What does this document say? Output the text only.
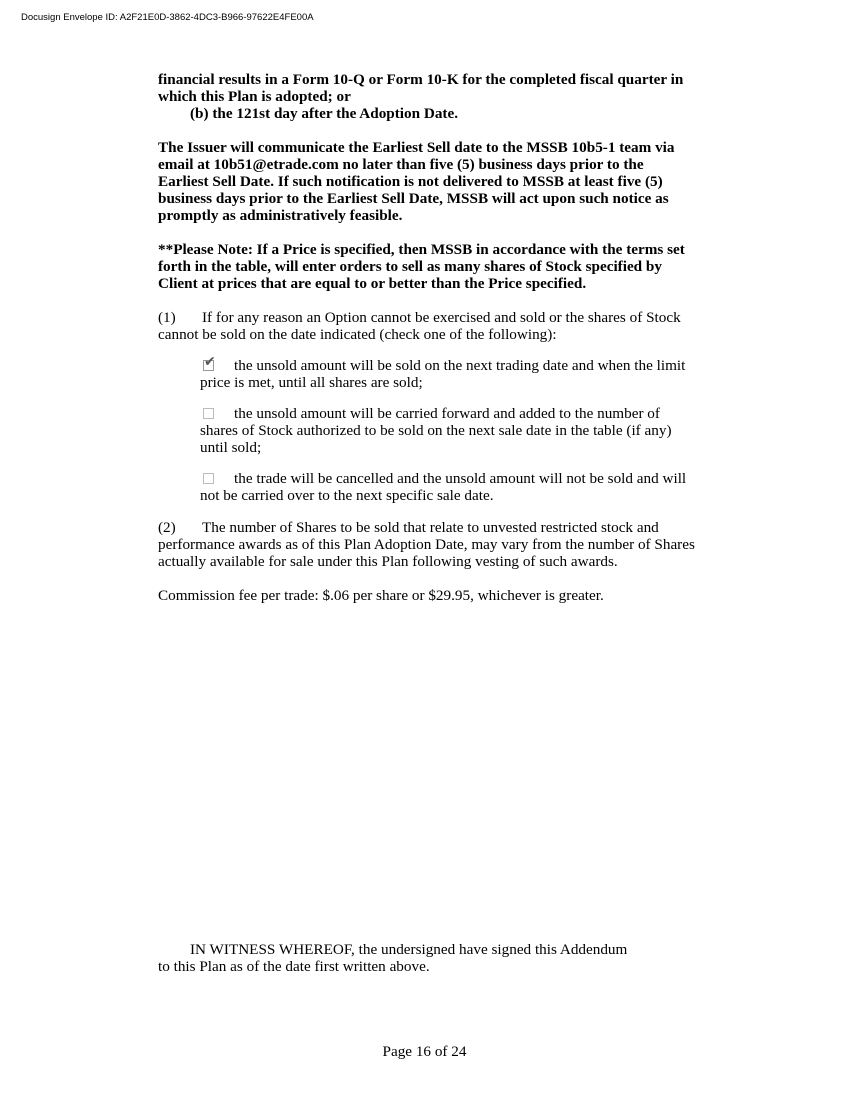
Docusign Envelope ID: A2F21E0D-3862-4DC3-B966-97622E4FE00A

financial results in a Form 10-Q or Form 10-K for the completed fiscal quarter in which this Plan is adopted; or

(b) the 121st day after the Adoption Date.

The Issuer will communicate the Earliest Sell date to the MSSB 10b5-1 team via email at 10b51@etrade.com no later than five (5) business days prior to the Earliest Sell Date. If such notification is not delivered to MSSB at least five (5) business days prior to the Earliest Sell Date, MSSB will act upon such notice as promptly as administratively feasible.

**Please Note: If a Price is specified, then MSSB in accordance with the terms set forth in the table, will enter orders to sell as many shares of Stock specified by Client at prices that are equal to or better than the Price specified.

(1) If for any reason an Option cannot be exercised and sold or the shares of Stock cannot be sold on the date indicated (check one of the following):

✔ the unsold amount will be sold on the next trading date and when the limit price is met, until all shares are sold;

the unsold amount will be carried forward and added to the number of shares of Stock authorized to be sold on the next sale date in the table (if any) until sold;

the trade will be cancelled and the unsold amount will not be sold and will not be carried over to the next specific sale date.

(2) The number of Shares to be sold that relate to unvested restricted stock and performance awards as of this Plan Adoption Date, may vary from the number of Shares actually available for sale under this Plan following vesting of such awards.

Commission fee per trade: $.06 per share or $29.95, whichever is greater.

IN WITNESS WHEREOF, the undersigned have signed this Addendum

to this Plan as of the date first written above.

Page 16 of 24
